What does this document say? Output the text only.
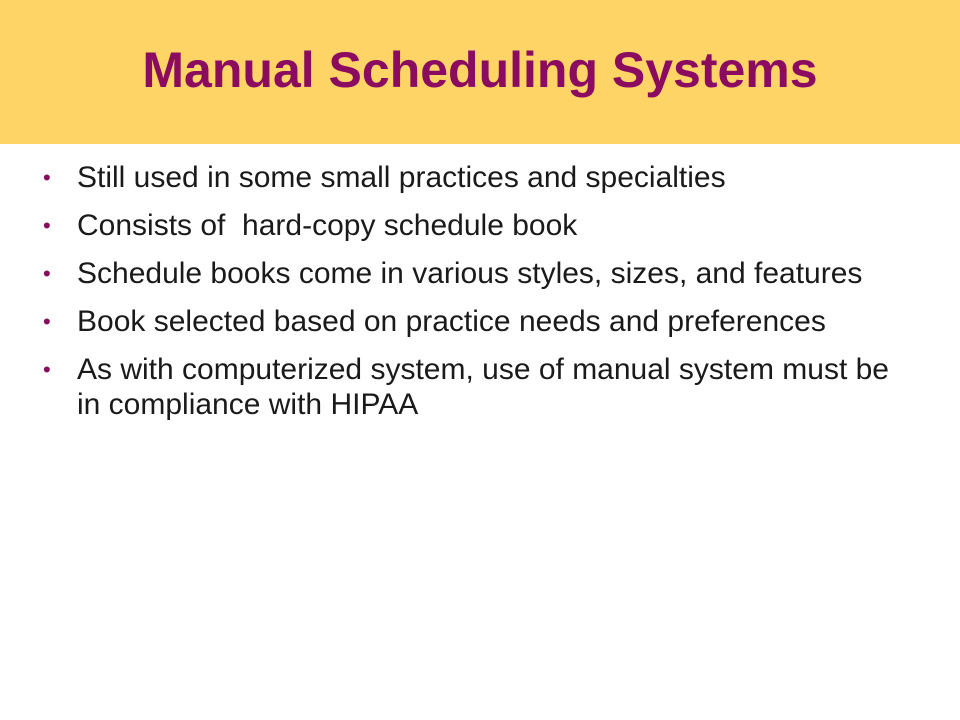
Manual Scheduling Systems
• Still used in some small practices and specialties
• Consists of  hard-copy schedule book
• Schedule books come in various styles, sizes, and features
• Book selected based on practice needs and preferences
• As with computerized system, use of manual system must be in compliance with HIPAA
